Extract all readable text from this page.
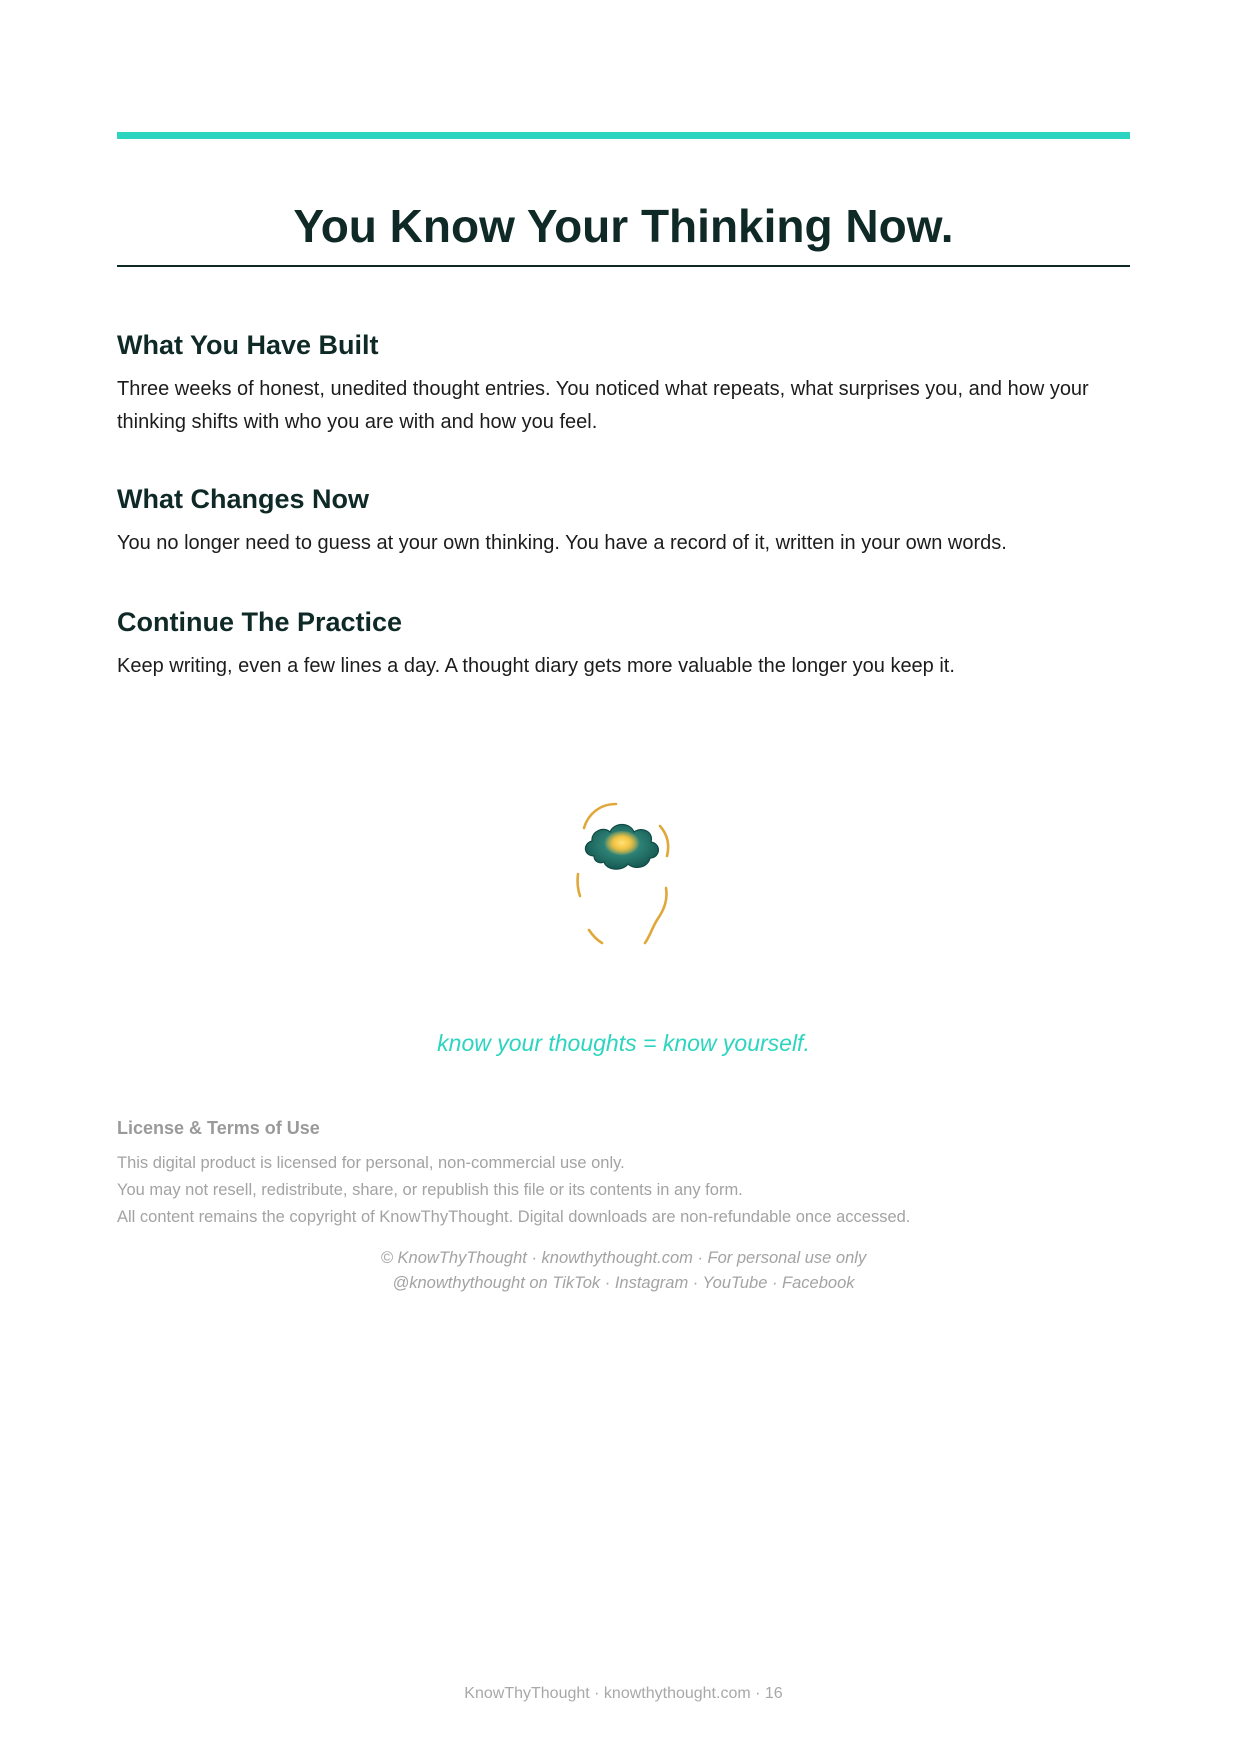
You Know Your Thinking Now.
What You Have Built

Three weeks of honest, unedited thought entries. You noticed what repeats, what surprises you, and how your thinking shifts with who you are with and how you feel.

What Changes Now

You no longer need to guess at your own thinking. You have a record of it, written in your own words.

Continue The Practice

Keep writing, even a few lines a day. A thought diary gets more valuable the longer you keep it.

know your thoughts = know yourself.
License & Terms of Use
This digital product is licensed for personal, non-commercial use only.
You may not resell, redistribute, share, or republish this file or its contents in any form.
All content remains the copyright of KnowThyThought. Digital downloads are non-refundable once accessed.
© KnowThyThought · knowthythought.com · For personal use only
@knowthythought on TikTok · Instagram · YouTube · Facebook
KnowThyThought · knowthythought.com · 16
